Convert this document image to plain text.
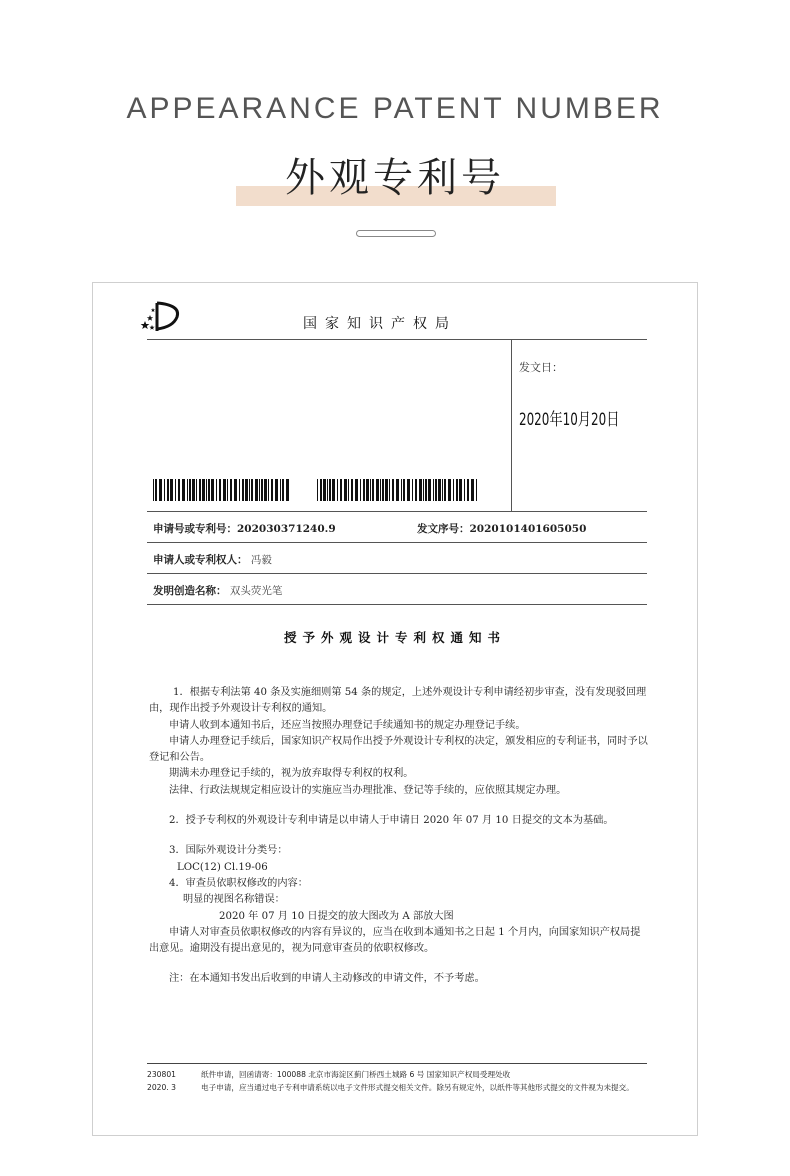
APPEARANCE PATENT NUMBER
外观专利号
国家知识产权局
发文日：
2020年10月20日
申请号或专利号：202030371240.9	发文序号：2020101401605050
申请人或专利权人： 冯毅
发明创造名称： 双头荧光笔
授予外观设计专利权通知书

1．根据专利法第 40 条及实施细则第 54 条的规定，上述外观设计专利申请经初步审查，没有发现驳回理由，现作出授予外观设计专利权的通知。

申请人收到本通知书后，还应当按照办理登记手续通知书的规定办理登记手续。

申请人办理登记手续后，国家知识产权局作出授予外观设计专利权的决定，颁发相应的专利证书，同时予以登记和公告。

期满未办理登记手续的，视为放弃取得专利权的权利。

法律、行政法规规定相应设计的实施应当办理批准、登记等手续的，应依照其规定办理。

2．授予专利权的外观设计专利申请是以申请人于申请日 2020 年 07 月 10 日提交的文本为基础。

3．国际外观设计分类号：

LOC(12) Cl.19-06

4．审查员依职权修改的内容：

明显的视图名称错误：

2020 年 07 月 10 日提交的放大图改为 A 部放大图

申请人对审查员依职权修改的内容有异议的，应当在收到本通知书之日起 1 个月内，向国家知识产权局提出意见。逾期没有提出意见的，视为同意审查员的依职权修改。

注：在本通知书发出后收到的申请人主动修改的申请文件，不予考虑。

230801	纸件申请，回函请寄：100088 北京市海淀区蓟门桥西土城路 6 号 国家知识产权局受理处收
2020. 3	电子申请，应当通过电子专利申请系统以电子文件形式提交相关文件。除另有规定外，以纸件等其他形式提交的文件视为未提交。
